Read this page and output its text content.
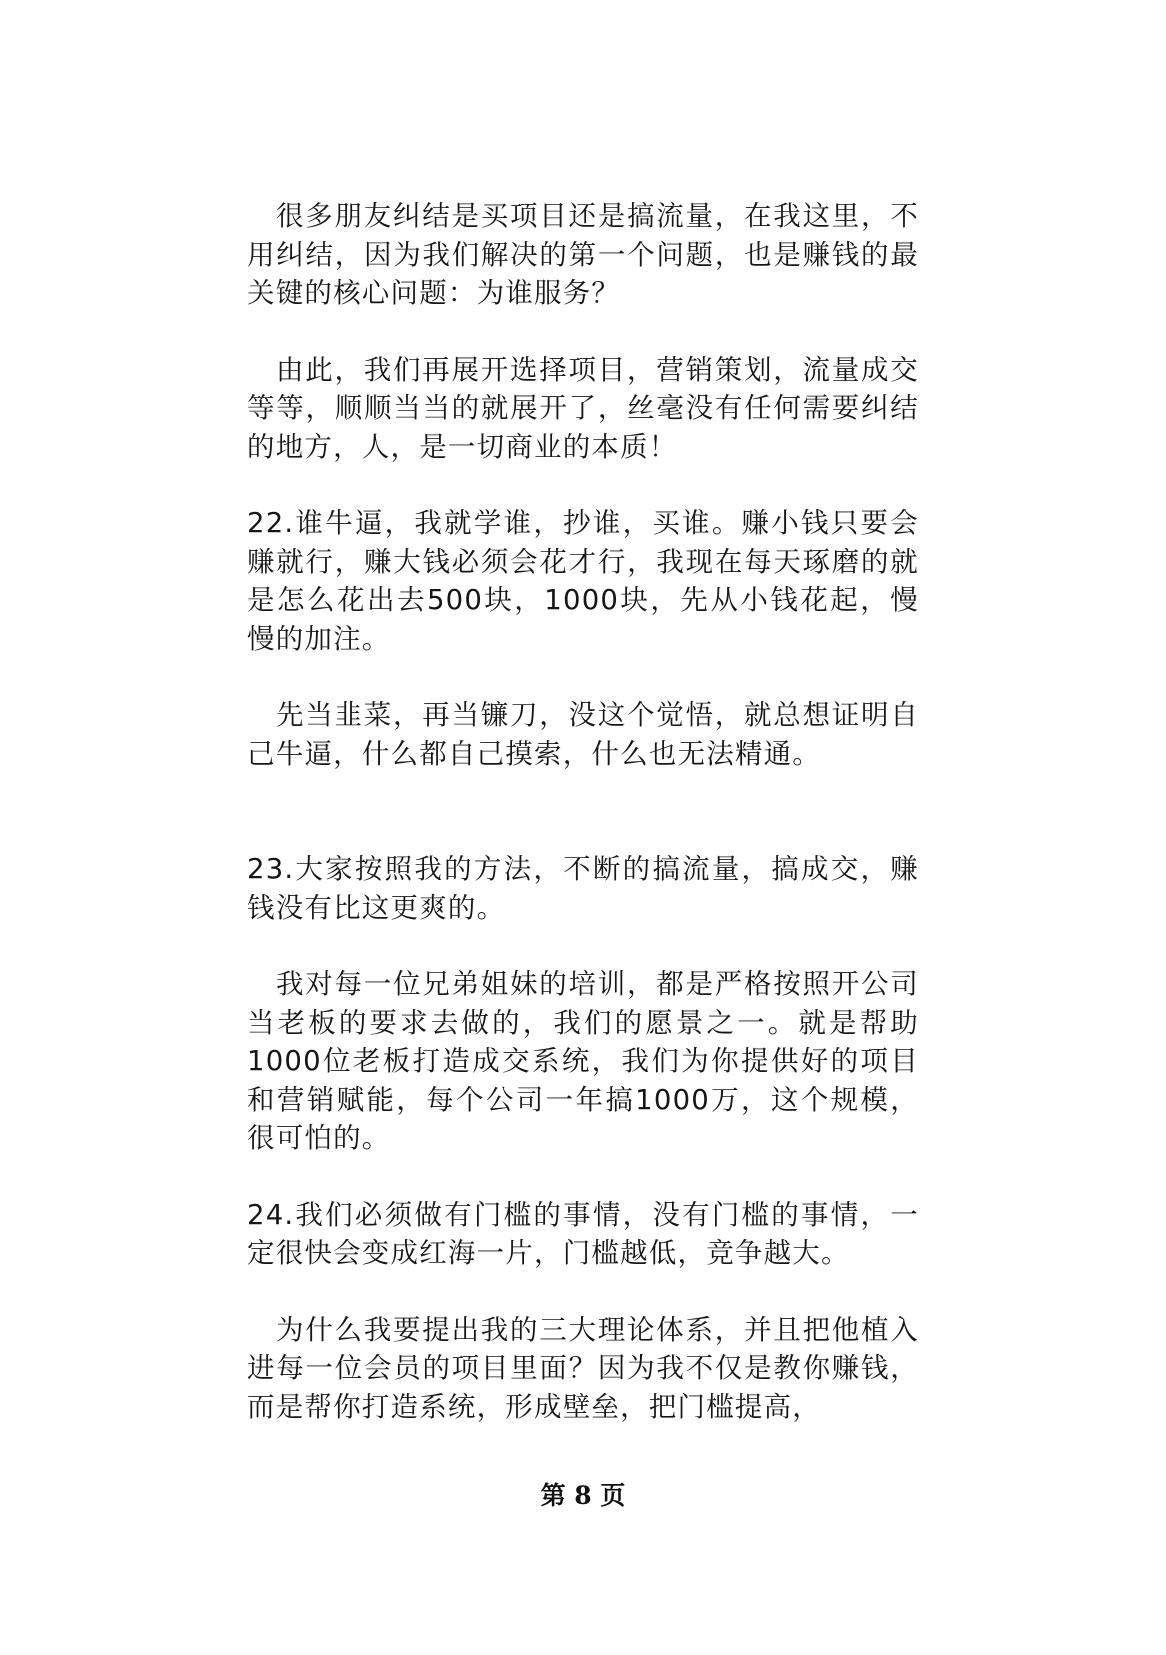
很多朋友纠结是买项目还是搞流量，在我这里，不用纠结，因为我们解决的第一个问题，也是赚钱的最关键的核心问题：为谁服务？

由此，我们再展开选择项目，营销策划，流量成交等等，顺顺当当的就展开了，丝毫没有任何需要纠结的地方，人，是一切商业的本质！

22.谁牛逼，我就学谁，抄谁，买谁。赚小钱只要会赚就行，赚大钱必须会花才行，我现在每天琢磨的就是怎么花出去500块，1000块，先从小钱花起，慢慢的加注。

先当韭菜，再当镰刀，没这个觉悟，就总想证明自己牛逼，什么都自己摸索，什么也无法精通。

23.大家按照我的方法，不断的搞流量，搞成交，赚钱没有比这更爽的。

我对每一位兄弟姐妹的培训，都是严格按照开公司当老板的要求去做的，我们的愿景之一。就是帮助1000位老板打造成交系统，我们为你提供好的项目和营销赋能，每个公司一年搞1000万，这个规模，很可怕的。

24.我们必须做有门槛的事情，没有门槛的事情，一定很快会变成红海一片，门槛越低，竞争越大。

为什么我要提出我的三大理论体系，并且把他植入进每一位会员的项目里面？因为我不仅是教你赚钱，而是帮你打造系统，形成壁垒，把门槛提高，

第 8 页
